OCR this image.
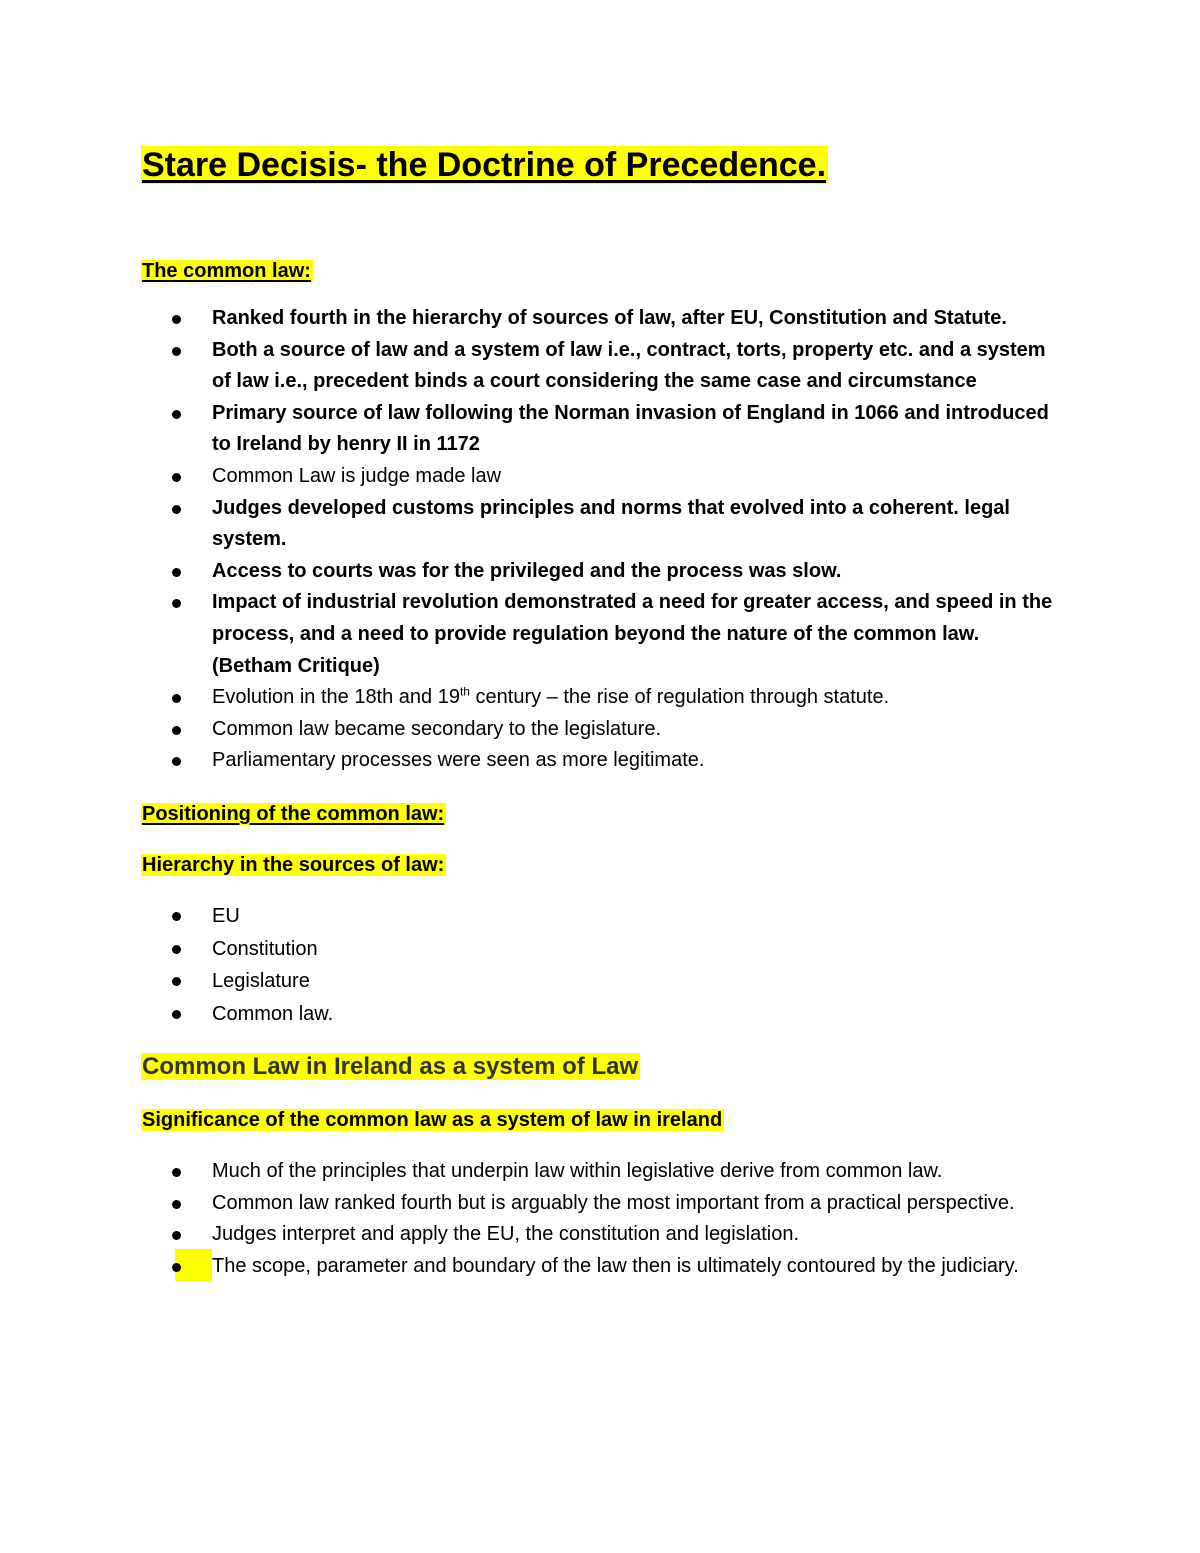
Stare Decisis- the Doctrine of Precedence.
The common law:
Ranked fourth in the hierarchy of sources of law, after EU, Constitution and Statute.
Both a source of law and a system of law i.e., contract, torts, property etc. and a system of law i.e., precedent binds a court considering the same case and circumstance
Primary source of law following the Norman invasion of England in 1066 and introduced to Ireland by henry II in 1172
Common Law is judge made law
Judges developed customs principles and norms that evolved into a coherent. legal system.
Access to courts was for the privileged and the process was slow.
Impact of industrial revolution demonstrated a need for greater access, and speed in the process, and a need to provide regulation beyond the nature of the common law. (Betham Critique)
Evolution in the 18th and 19th century – the rise of regulation through statute.
Common law became secondary to the legislature.
Parliamentary processes were seen as more legitimate.
Positioning of the common law:
Hierarchy in the sources of law:
EU
Constitution
Legislature
Common law.
Common Law in Ireland as a system of Law
Significance of the common law as a system of law in ireland
Much of the principles that underpin law within legislative derive from common law.
Common law ranked fourth but is arguably the most important from a practical perspective.
Judges interpret and apply the EU, the constitution and legislation.
The scope, parameter and boundary of the law then is ultimately contoured by the judiciary.
